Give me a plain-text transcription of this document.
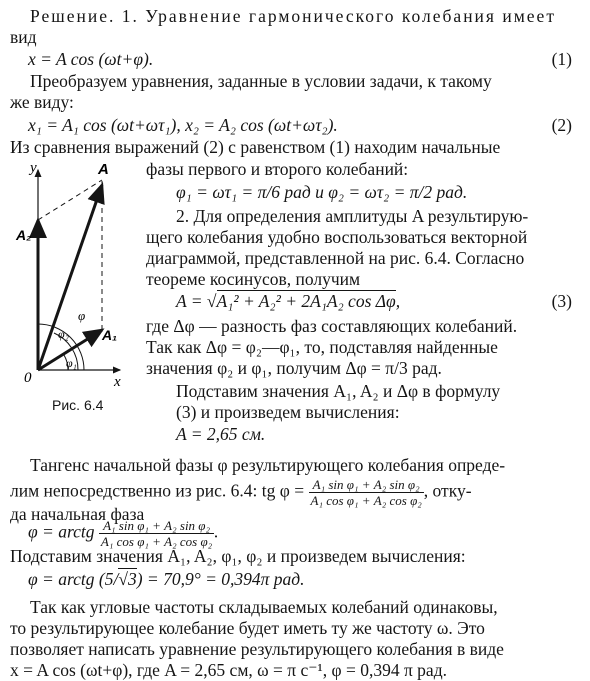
Решение. 1. Уравнение гармонического колебания имеет
вид
x = A cos (ωt+φ).	(1)
Преобразуем уравнения, заданные в условии задачи, к такому
же виду:
x₁ = A₁ cos (ωt+ωτ₁), x₂ = A₂ cos (ωt+ωτ₂).	(2)
Из сравнения выражений (2) с равенством (1) находим начальные
фазы первого и второго колебаний:
φ₁ = ωτ₁ = π/6 рад и φ₂ = ωτ₂ = π/2 рад.
2. Для определения амплитуды A результирую-
щего колебания удобно воспользоваться векторной
диаграммой, представленной на рис. 6.4. Согласно
теореме косинусов, получим
A = √A₁² + A₂² + 2A₁A₂ cos Δφ,	(3)
где Δφ — разность фаз составляющих колебаний.
Так как Δφ = φ₂—φ₁, то, подставляя найденные
значения φ₂ и φ₁, получим Δφ = π/3 рад.
Подставим значения A₁, A₂ и Δφ в формулу
(3) и произведем вычисления:
A = 2,65 см.
Тангенс начальной фазы φ результирующего колебания опреде-
лим непосредственно из рис. 6.4: tg $\varphi = \frac{\text{A₁ sin φ₁ + A₂ sin φ₂}}{\text{A₁ cos φ₁ + A₂ cos φ₂}}$ , отку-
да начальная фаза
φ = arctg $\frac{\text{A₁ sin φ₁ + A₂ sin φ₂}}{\text{A₁ cos φ₁ + A₂ cos φ₂}}$ .
Подставим значения A₁, A₂, φ₁, φ₂ и произведем вычисления:
φ = arctg (5/√3) = 70,9° = 0,394π рад.
Так как угловые частоты складываемых колебаний одинаковы,
то результирующее колебание будет иметь ту же частоту ω. Это
позволяет написать уравнение результирующего колебания в виде
x = A cos (ωt+φ), где A = 2,65 см, ω = π с⁻¹, φ = 0,394 π рад.
y
x
0
A
A₁
A₂
φ
φ₁
φ₂
Рис. 6.4
